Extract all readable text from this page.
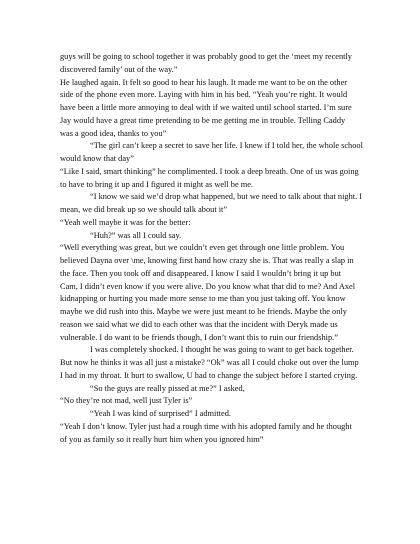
guys will be going to school together it was probably good to get the ‘meet my recently
discovered family’ out of the way.”
He laughed again. It felt so good to hear his laugh. It made me want to be on the other
side of the phone even more. Laying with him in his bed. “Yeah you’re right. It would
have been a little more annoying to deal with if we waited until school started. I’m sure
Jay would have a great time pretending to be me getting me in trouble. Telling Caddy
was a good idea, thanks to you”
“The girl can’t keep a secret to save her life. I knew if I told her, the whole school
would know that day”
“Like I said, smart thinking” he complimented. I took a deep breath. One of us was going
to have to bring it up and I figured it might as well be me.
“I know we said we’d drop what happened, but we need to talk about that night. I
mean, we did break up so we should talk about it”
“Yeah well maybe it was for the better:
“Huh?” was all I could say.
“Well everything was great, but we couldn’t even get through one little problem. You
believed Dayna over \me, knowing first hand how crazy she is. That was really a slap in
the face. Then you took off and disappeared. I know I said I wouldn’t bring it up but
Cam, I didn’t even know if you were alive. Do you know what that did to me? And Axel
kidnapping or hurting you made more sense to me than you just taking off. You know
maybe we did rush into this. Maybe we were just meant to be friends. Maybe the only
reason we said what we did to each other was that the incident with Deryk made us
vulnerable. I do want to be friends though, I don’t want this to ruin our friendship.”
I was completely shocked. I thought he was going to want to get back together.
But now he thinks it was all just a mistake? “Ok” was all I could choke out over the lump
I had in my throat. It hurt to swallow, U had to change the subject before I started crying.
“So the guys are really pissed at me?” I asked,
“No they’re not mad, well just Tyler is”
“Yeah I was kind of surprised” I admitted.
“Yeah I don’t know. Tyler just had a rough time with his adopted family and he thought
of you as family so it really hurt him when you ignored him”
